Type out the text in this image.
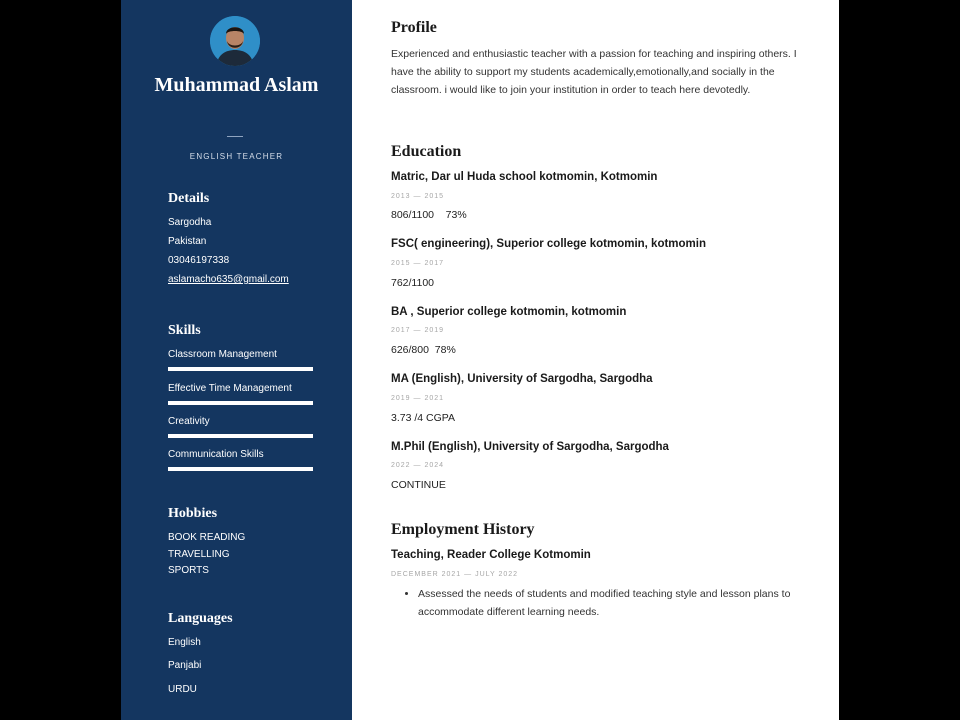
Muhammad Aslam
ENGLISH TEACHER
Details
Sargodha
Pakistan
03046197338
aslamacho635@gmail.com
Skills
Classroom Management
Effective Time Management
Creativity
Communication Skills
Hobbies
BOOK READING
TRAVELLING
SPORTS
Languages
English
Panjabi
URDU
Profile

Experienced and enthusiastic teacher with a passion for teaching and inspiring others. I have the ability to support my students academically,emotionally,and socially in the classroom. i would like to join your institution in order to teach here devotedly.

Education
Matric, Dar ul Huda school kotmomin, Kotmomin
2013 — 2015
806/1100    73%
FSC( engineering), Superior college kotmomin, kotmomin
2015 — 2017
762/1100
BA , Superior college kotmomin, kotmomin
2017 — 2019
626/800  78%
MA (English), University of Sargodha, Sargodha
2019 — 2021
3.73 /4 CGPA
M.Phil (English), University of Sargodha, Sargodha
2022 — 2024
CONTINUE
Employment History
Teaching, Reader College Kotmomin
DECEMBER 2021 — JULY 2022
• Assessed the needs of students and modified teaching style and lesson plans to accommodate different learning needs.
